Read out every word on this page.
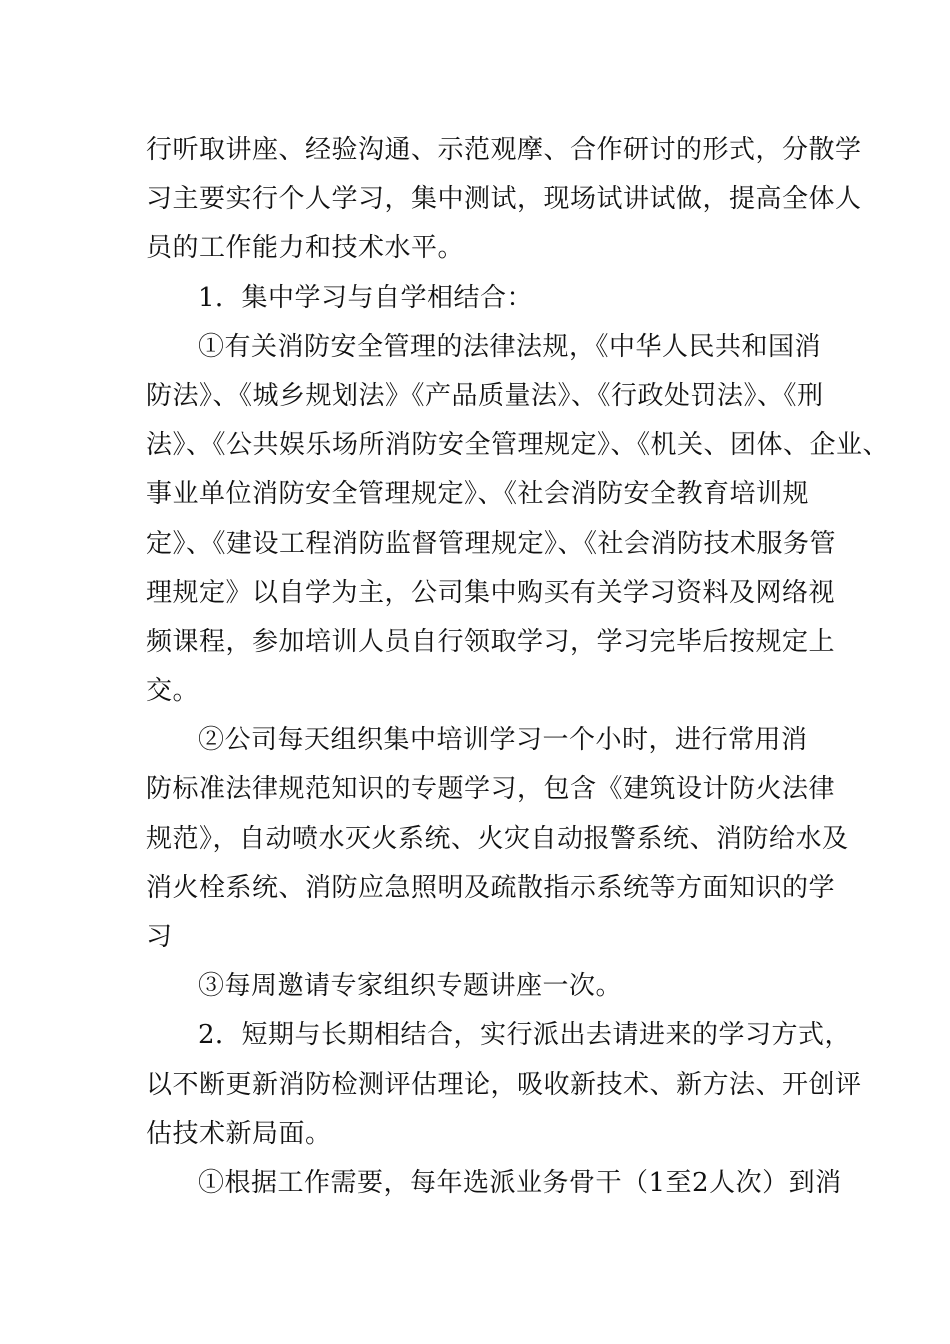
行听取讲座、经验沟通、示范观摩、合作研讨的形式，分散学
习主要实行个人学习，集中测试，现场试讲试做，提高全体人
员的工作能力和技术水平。
1．集中学习与自学相结合：
①有关消防安全管理的法律法规，《中华人民共和国消
防法》、《城乡规划法》《产品质量法》、《行政处罚法》、《刑
法》、《公共娱乐场所消防安全管理规定》、《机关、团体、企业、
事业单位消防安全管理规定》、《社会消防安全教育培训规
定》、《建设工程消防监督管理规定》、《社会消防技术服务管
理规定》以自学为主，公司集中购买有关学习资料及网络视
频课程，参加培训人员自行领取学习，学习完毕后按规定上
交。
②公司每天组织集中培训学习一个小时，进行常用消
防标准法律规范知识的专题学习，包含《建筑设计防火法律
规范》，自动喷水灭火系统、火灾自动报警系统、消防给水及
消火栓系统、消防应急照明及疏散指示系统等方面知识的学
习
③每周邀请专家组织专题讲座一次。
2．短期与长期相结合，实行派出去请进来的学习方式，
以不断更新消防检测评估理论，吸收新技术、新方法、开创评
估技术新局面。
①根据工作需要，每年选派业务骨干（1至2人次）到消
